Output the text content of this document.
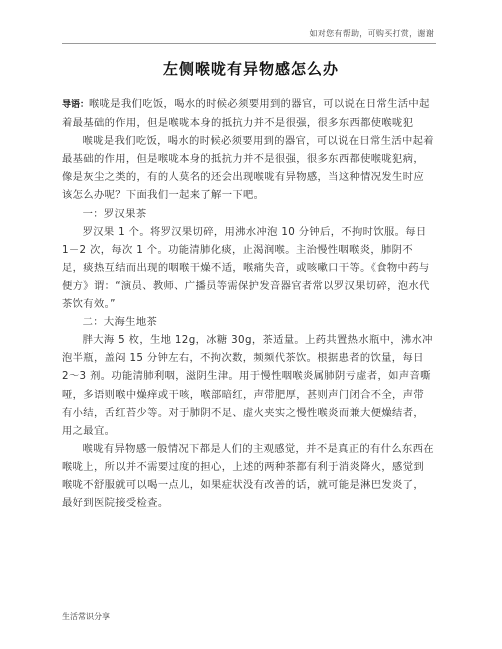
如对您有帮助，可购买打赏，谢谢
左侧喉咙有异物感怎么办

导语：喉咙是我们吃饭，喝水的时候必须要用到的器官，可以说在日常生活中起着最基础的作用，但是喉咙本身的抵抗力并不是很强，很多东西都使喉咙犯

喉咙是我们吃饭，喝水的时候必须要用到的器官，可以说在日常生活中起着最基础的作用，但是喉咙本身的抵抗力并不是很强，很多东西都使喉咙犯病，像是灰尘之类的，有的人莫名的还会出现喉咙有异物感，当这种情况发生时应该怎么办呢？下面我们一起来了解一下吧。

一：罗汉果茶

罗汉果 1 个。将罗汉果切碎，用沸水冲泡 10 分钟后，不拘时饮服。每日 1－2 次，每次 1 个。功能清肺化痰，止渴润喉。主治慢性咽喉炎，肺阴不足，痰热互结而出现的咽喉干燥不适，喉痛失音，或咳嗽口干等。《食物中药与便方》谓：“演员、教师、广播员等需保护发音器官者常以罗汉果切碎，泡水代茶饮有效。”

二：大海生地茶

胖大海 5 枚，生地 12g，冰糖 30g，茶适量。上药共置热水瓶中，沸水冲泡半瓶，盖闷 15 分钟左右，不拘次数，频频代茶饮。根据患者的饮量，每日 2～3 剂。功能清肺利咽，滋阴生津。用于慢性咽喉炎属肺阴亏虚者，如声音嘶哑，多语则喉中燥痒或干咳，喉部暗红，声带肥厚，甚则声门闭合不全，声带有小结，舌红苔少等。对于肺阴不足、虚火夹实之慢性喉炎而兼大便燥结者，用之最宜。

喉咙有异物感一般情况下都是人们的主观感觉，并不是真正的有什么东西在喉咙上，所以并不需要过度的担心，上述的两种茶都有利于消炎降火，感觉到喉咙不舒服就可以喝一点儿，如果症状没有改善的话，就可能是淋巴发炎了，最好到医院接受检查。

生活常识分享
